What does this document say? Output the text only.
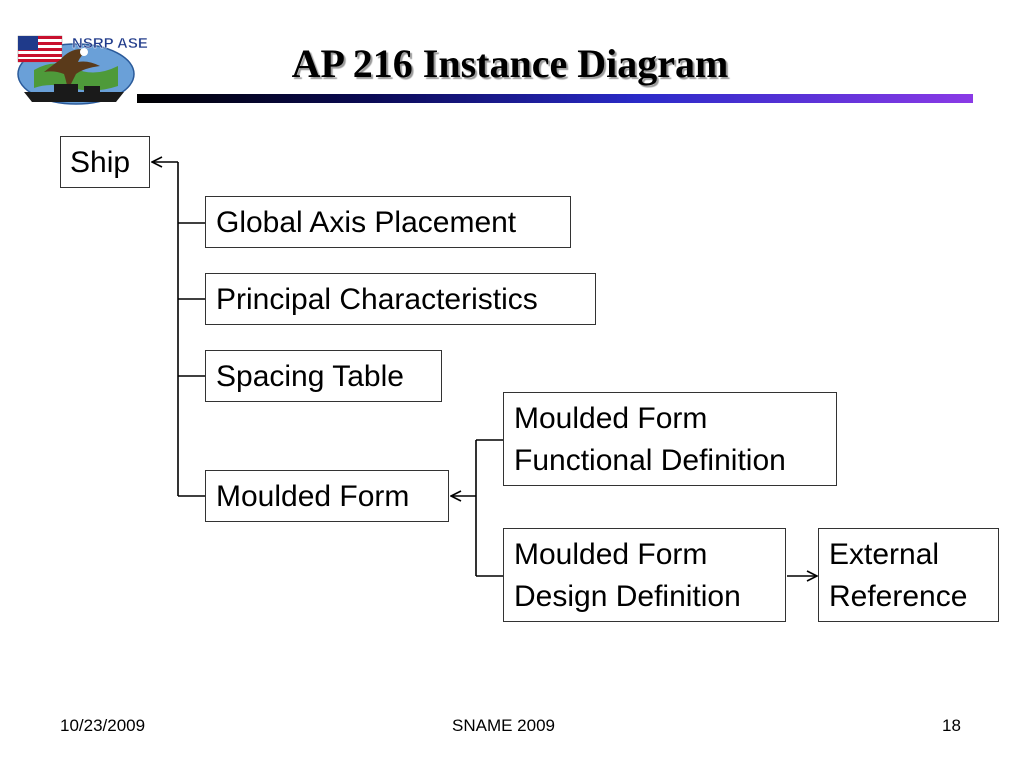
NSRP ASE	AP 216 Instance Diagram
Ship
Global Axis Placement
Principal Characteristics
Spacing Table
Moulded Form
Moulded Form
Functional Definition
Moulded Form
Design Definition
External
Reference
10/23/2009	SNAME 2009	18
